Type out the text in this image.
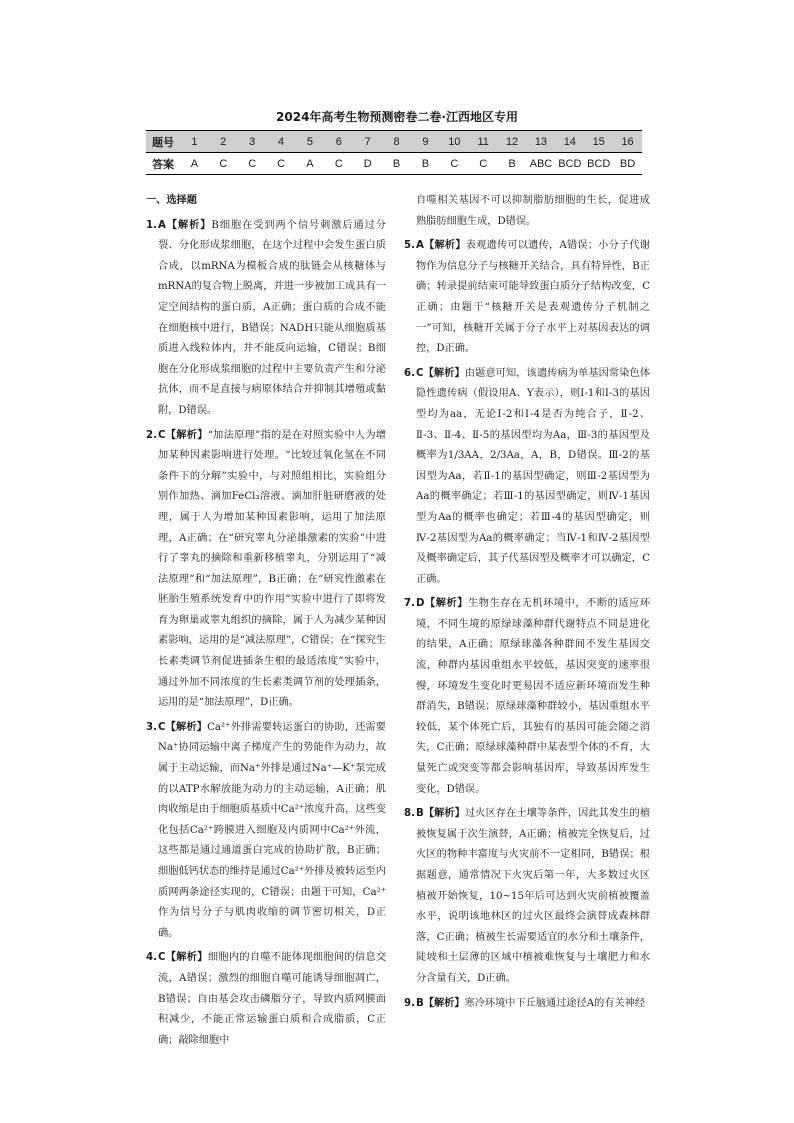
2024年高考生物预测密卷二卷·江西地区专用
题号	1	2	3	4	5	6	7	8	9	10	11	12	13	14	15	16
答案	A	C	C	C	A	C	D	B	B	C	C	B	ABC	BCD	BCD	BD
一、选择题
1. A【解析】B细胞在受到两个信号刺激后通过分裂、分化形成浆细胞，在这个过程中会发生蛋白质合成，以mRNA为模板合成的肽链会从核糖体与mRNA的复合物上脱离，并进一步被加工成具有一定空间结构的蛋白质，A正确；蛋白质的合成不能在细胞核中进行，B错误；NADH只能从细胞质基质进入线粒体内，并不能反向运输，C错误；B细胞在分化形成浆细胞的过程中主要负责产生和分泌抗体，而不是直接与病原体结合并抑制其增殖或黏附，D错误。
2. C【解析】“加法原理”指的是在对照实验中人为增加某种因素影响进行处理。“比较过氧化氢在不同条件下的分解”实验中，与对照组相比，实验组分别作加热、滴加FeCl₃溶液、滴加肝脏研磨液的处理，属于人为增加某种因素影响，运用了加法原理，A正确；在“研究睾丸分泌雄激素的实验”中进行了睾丸的摘除和重新移植睾丸，分别运用了“减法原理”和“加法原理”，B正确；在“研究性激素在胚胎生殖系统发育中的作用”实验中进行了即将发育为卵巢或睾丸组织的摘除，属于人为减少某种因素影响，运用的是“减法原理”，C错误；在“探究生长素类调节剂促进插条生根的最适浓度”实验中，通过外加不同浓度的生长素类调节剂的处理插条，运用的是“加法原理”，D正确。
3. C【解析】Ca²⁺外排需要转运蛋白的协助，还需要Na⁺协同运输中离子梯度产生的势能作为动力，故属于主动运输，而Na⁺外排是通过Na⁺—K⁺泵完成的以ATP水解放能为动力的主动运输，A正确；肌肉收缩是由于细胞质基质中Ca²⁺浓度升高，这些变化包括Ca²⁺跨膜进入细胞及内质网中Ca²⁺外流，这些都是通过通道蛋白完成的协助扩散，B正确；细胞低钙状态的维持是通过Ca²⁺外排及被转运至内质网两条途径实现的，C错误；由题干可知，Ca²⁺作为信号分子与肌肉收缩的调节密切相关，D正确。
4. C【解析】细胞内的自噬不能体现细胞间的信息交流，A错误；激烈的细胞自噬可能诱导细胞凋亡，B错误；自由基会攻击磷脂分子，导致内质网膜面积减少，不能正常运输蛋白质和合成脂质，C正确；敲除细胞中
自噬相关基因不可以抑制脂肪细胞的生长，促进成熟脂肪细胞生成，D错误。
5. A【解析】表观遗传可以遗传，A错误；小分子代谢物作为信息分子与核糖开关结合，具有特异性，B正确；转录提前结束可能导致蛋白质分子结构改变，C正确；由题干“核糖开关是表观遗传分子机制之一”可知，核糖开关属于分子水平上对基因表达的调控，D正确。
6. C【解析】由题意可知，该遗传病为单基因常染色体隐性遗传病（假设用A、Y表示），则Ⅰ-1和Ⅰ-3的基因型均为aa，无论Ⅰ-2和Ⅰ-4是否为纯合子，Ⅱ-2、Ⅱ-3、Ⅱ-4、Ⅱ-5的基因型均为Aa，Ⅲ-3的基因型及概率为1/3AA，2/3Aa，A，B，D错误。Ⅲ-2的基因型为Aa，若Ⅱ-1的基因型确定，则Ⅲ-2基因型为Aa的概率确定；若Ⅲ-1的基因型确定，则Ⅳ-1基因型为Aa的概率也确定；若Ⅲ-4的基因型确定，则Ⅳ-2基因型为Aa的概率确定；当Ⅳ-1和Ⅳ-2基因型及概率确定后，其子代基因型及概率才可以确定，C正确。
7. D【解析】生物生存在无机环境中，不断的适应环境，不同生境的原绿球藻种群代谢特点不同是进化的结果，A正确；原绿球藻各种群间不发生基因交流，种群内基因重组水平较低，基因突变的速率很慢，环境发生变化时更易因不适应新环境而发生种群消失，B错误；原绿球藻种群较小，基因重组水平较低，某个体死亡后，其独有的基因可能会随之消失，C正确；原绿球藻种群中某表型个体的不育，大量死亡或突变等都会影响基因库，导致基因库发生变化，D错误。
8. B【解析】过火区存在土壤等条件，因此其发生的植被恢复属于次生演替，A正确；植被完全恢复后，过火区的物种丰富度与火灾前不一定相同，B错误；根据题意，通常情况下火灾后第一年，大多数过火区植被开始恢复，10~15年后可达到火灾前植被覆盖水平，说明该地林区的过火区最终会演替成森林群落，C正确；植被生长需要适宜的水分和土壤条件，陡坡和土层薄的区域中植被难恢复与土壤肥力和水分含量有关，D正确。
9. B【解析】寒冷环境中下丘脑通过途径A的有关神经
